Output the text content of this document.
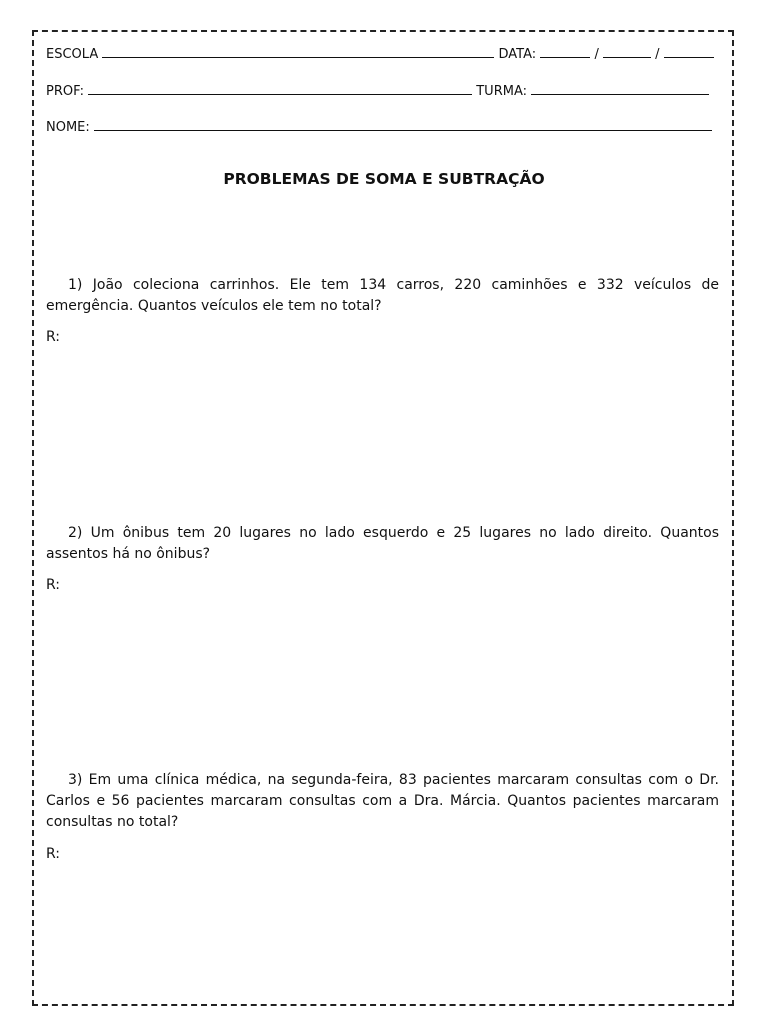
ESCOLA	DATA:	/	/
PROF:	TURMA:
NOME:
PROBLEMAS DE SOMA E SUBTRAÇÃO
1) João coleciona carrinhos. Ele tem 134 carros, 220 caminhões e 332 veículos de emergência. Quantos veículos ele tem no total?
R:
2) Um ônibus tem 20 lugares no lado esquerdo e 25 lugares no lado direito. Quantos assentos há no ônibus?
R:
3) Em uma clínica médica, na segunda-feira, 83 pacientes marcaram consultas com o Dr. Carlos e 56 pacientes marcaram consultas com a Dra. Márcia. Quantos pacientes marcaram consultas no total?
R:
